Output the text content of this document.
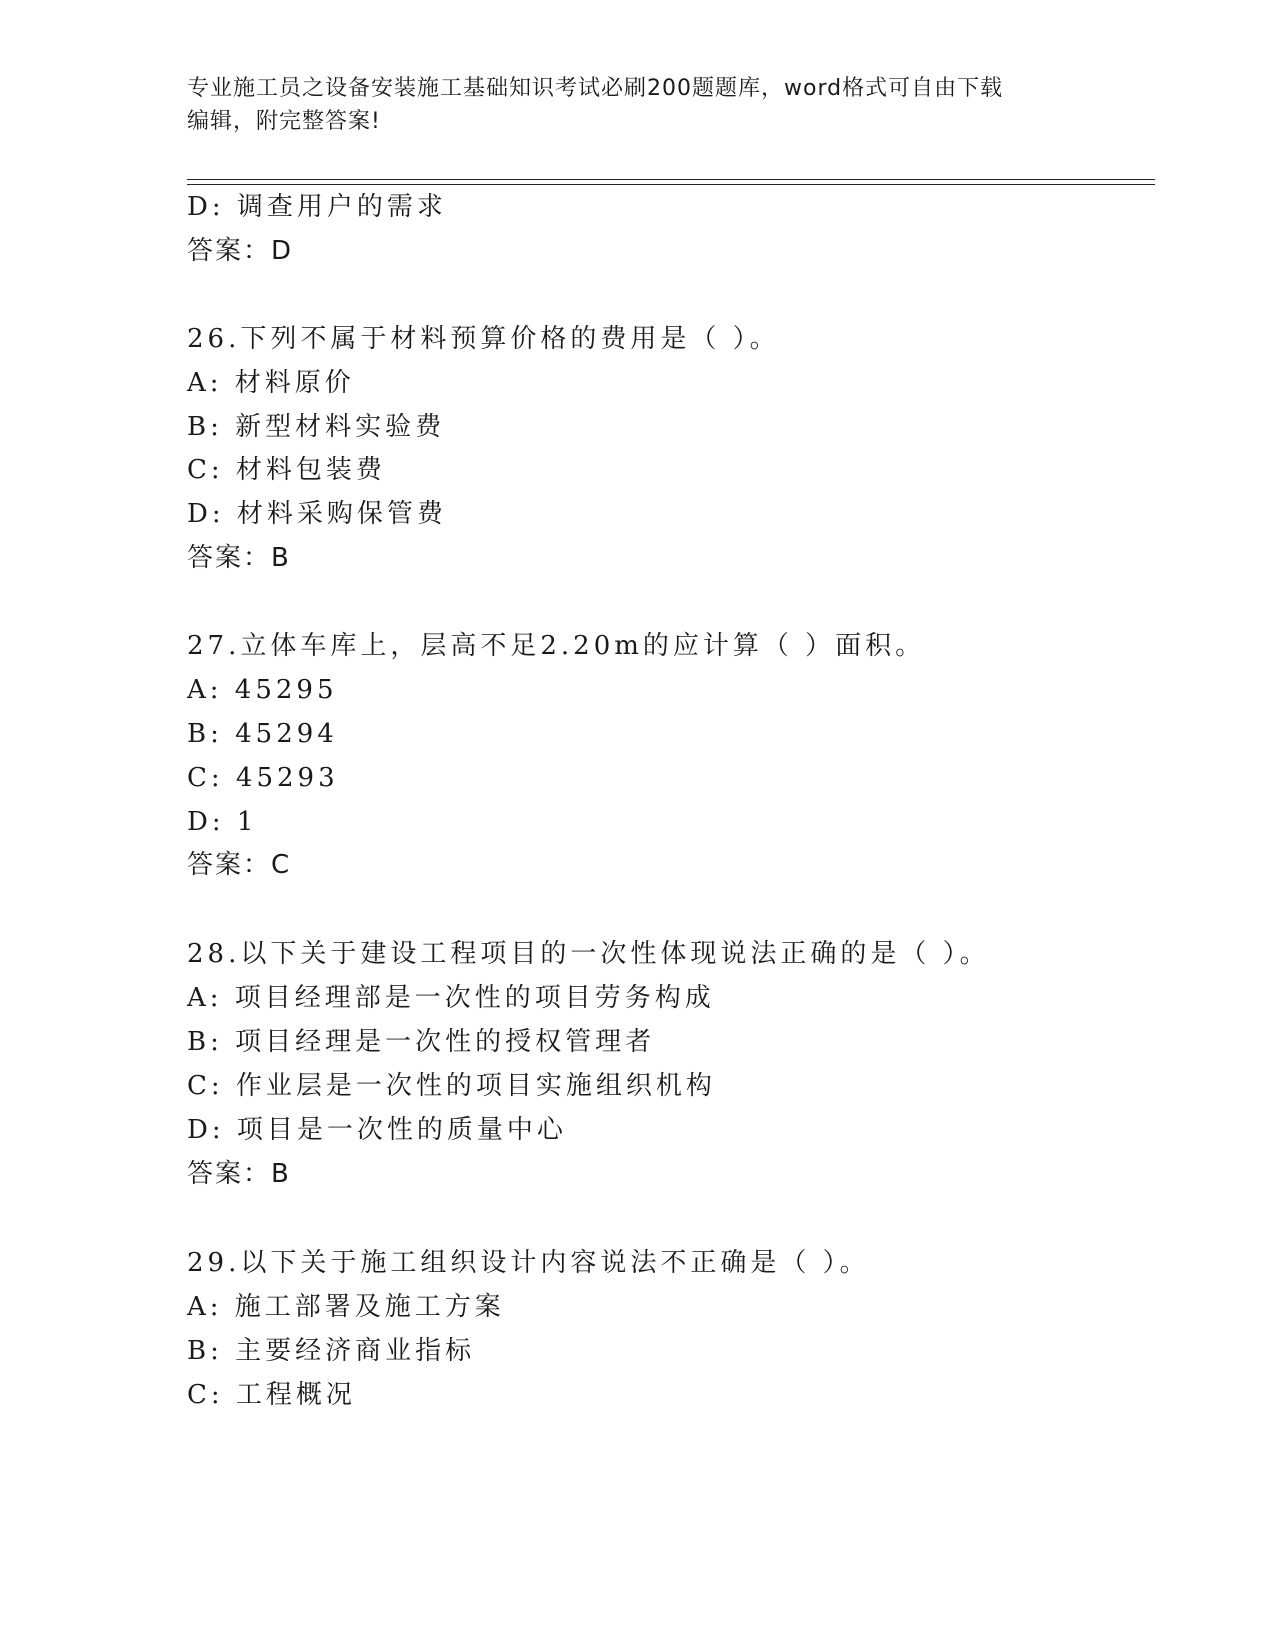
专业施工员之设备安装施工基础知识考试必刷200题题库，word格式可自由下载
编辑，附完整答案!
D: 调查用户的需求
答案：D
26.下列不属于材料预算价格的费用是（ ）。
A: 材料原价
B: 新型材料实验费
C: 材料包装费
D: 材料采购保管费
答案：B
27.立体车库上，层高不足2.20m的应计算（ ）面积。
A: 45295
B: 45294
C: 45293
D: 1
答案：C
28.以下关于建设工程项目的一次性体现说法正确的是（ ）。
A: 项目经理部是一次性的项目劳务构成
B: 项目经理是一次性的授权管理者
C: 作业层是一次性的项目实施组织机构
D: 项目是一次性的质量中心
答案：B
29.以下关于施工组织设计内容说法不正确是（ ）。
A: 施工部署及施工方案
B: 主要经济商业指标
C: 工程概况
